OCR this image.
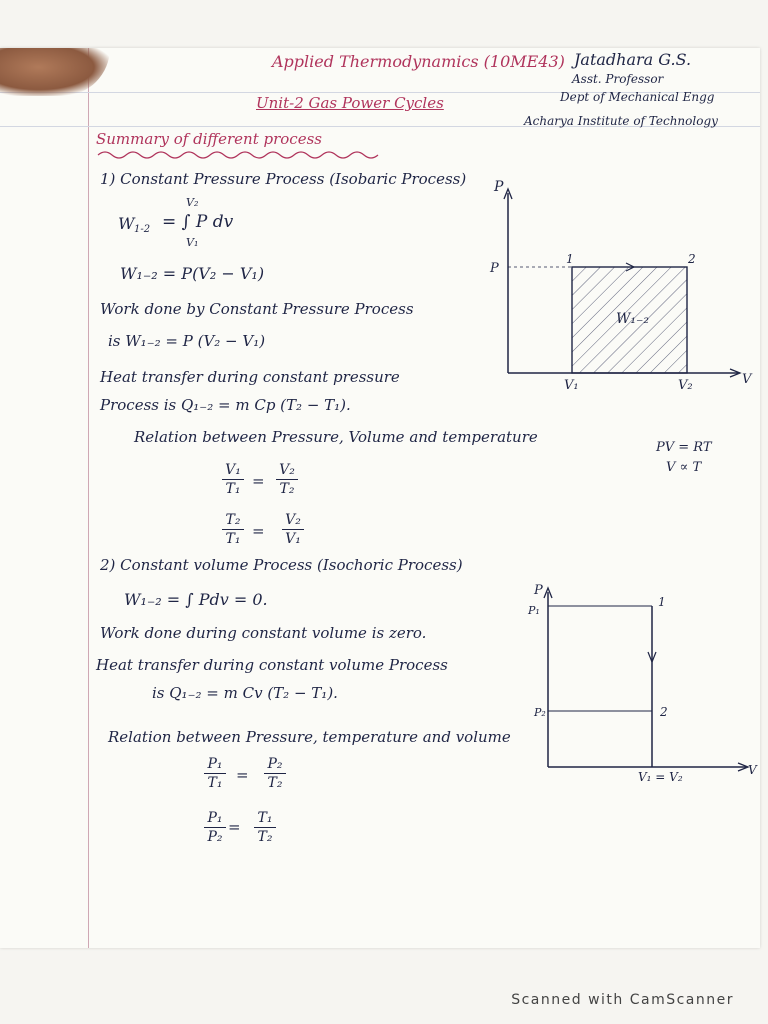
Applied Thermodynamics (10ME43)
Unit-2 Gas Power Cycles
Jatadhara G.S.
Asst. Professor
Dept of Mechanical Engg
Acharya Institute of Technology
Summary of different process
1) Constant Pressure Process (Isobaric Process)
V₂
W 1-2 = ∫ P dv
V₁
W₁₋₂ = P(V₂ − V₁)
Work done by Constant Pressure Process
is W₁₋₂ = P (V₂ − V₁)
Heat transfer during constant pressure
Process is Q₁₋₂ = m Cp (T₂ − T₁).
Relation between Pressure, Volume and temperature
PV = RT
V ∝ T
V₁
T₁ =
V₂
T₂
T₂
T₁ =
V₂
V₁
P
V
P
1	2
V₁	V₂
W₁₋₂
2) Constant volume Process (Isochoric Process)
W₁₋₂ = ∫ Pdv = 0.
Work done during constant volume is zero.
Heat transfer during constant volume Process
is Q₁₋₂ = m Cv (T₂ − T₁).
Relation between Pressure, temperature and volume
P₁
T₁ =
P₂
T₂
P₁
P₂
= T₁
T₂
P
P₁
P₂
1
2
V₁ = V₂	V
Scanned with CamScanner
